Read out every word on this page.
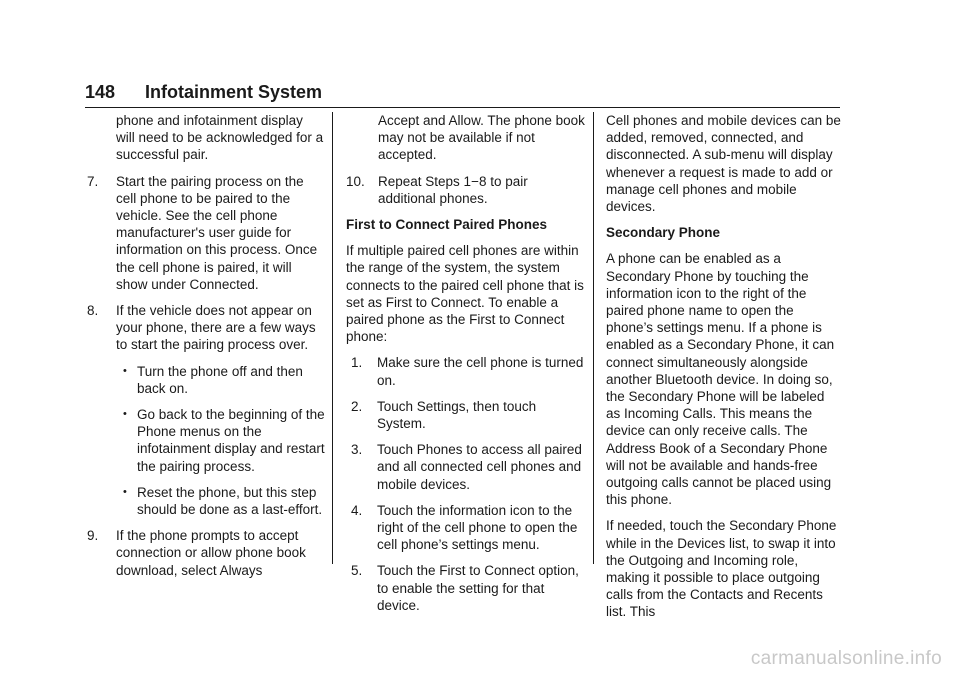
148 Infotainment System

phone and infotainment display will need to be acknowledged for a successful pair.

7. Start the pairing process on the cell phone to be paired to the vehicle. See the cell phone manufacturer's user guide for information on this process. Once the cell phone is paired, it will show under Connected.
8. If the vehicle does not appear on your phone, there are a few ways to start the pairing process over.
• Turn the phone off and then back on.
• Go back to the beginning of the Phone menus on the infotainment display and restart the pairing process.
• Reset the phone, but this step should be done as a last-effort.
9. If the phone prompts to accept connection or allow phone book download, select Always

Accept and Allow. The phone book may not be available if not accepted.

10. Repeat Steps 1−8 to pair additional phones.

First to Connect Paired Phones

If multiple paired cell phones are within the range of the system, the system connects to the paired cell phone that is set as First to Connect. To enable a paired phone as the First to Connect phone:

1. Make sure the cell phone is turned on.
2. Touch Settings, then touch System.
3. Touch Phones to access all paired and all connected cell phones and mobile devices.
4. Touch the information icon to the right of the cell phone to open the cell phone’s settings menu.
5. Touch the First to Connect option, to enable the setting for that device.

Cell phones and mobile devices can be added, removed, connected, and disconnected. A sub-menu will display whenever a request is made to add or manage cell phones and mobile devices.

Secondary Phone

A phone can be enabled as a Secondary Phone by touching the information icon to the right of the paired phone name to open the phone’s settings menu. If a phone is enabled as a Secondary Phone, it can connect simultaneously alongside another Bluetooth device. In doing so, the Secondary Phone will be labeled as Incoming Calls. This means the device can only receive calls. The Address Book of a Secondary Phone will not be available and hands-free outgoing calls cannot be placed using this phone.

If needed, touch the Secondary Phone while in the Devices list, to swap it into the Outgoing and Incoming role, making it possible to place outgoing calls from the Contacts and Recents list. This

carmanualsonline.info
